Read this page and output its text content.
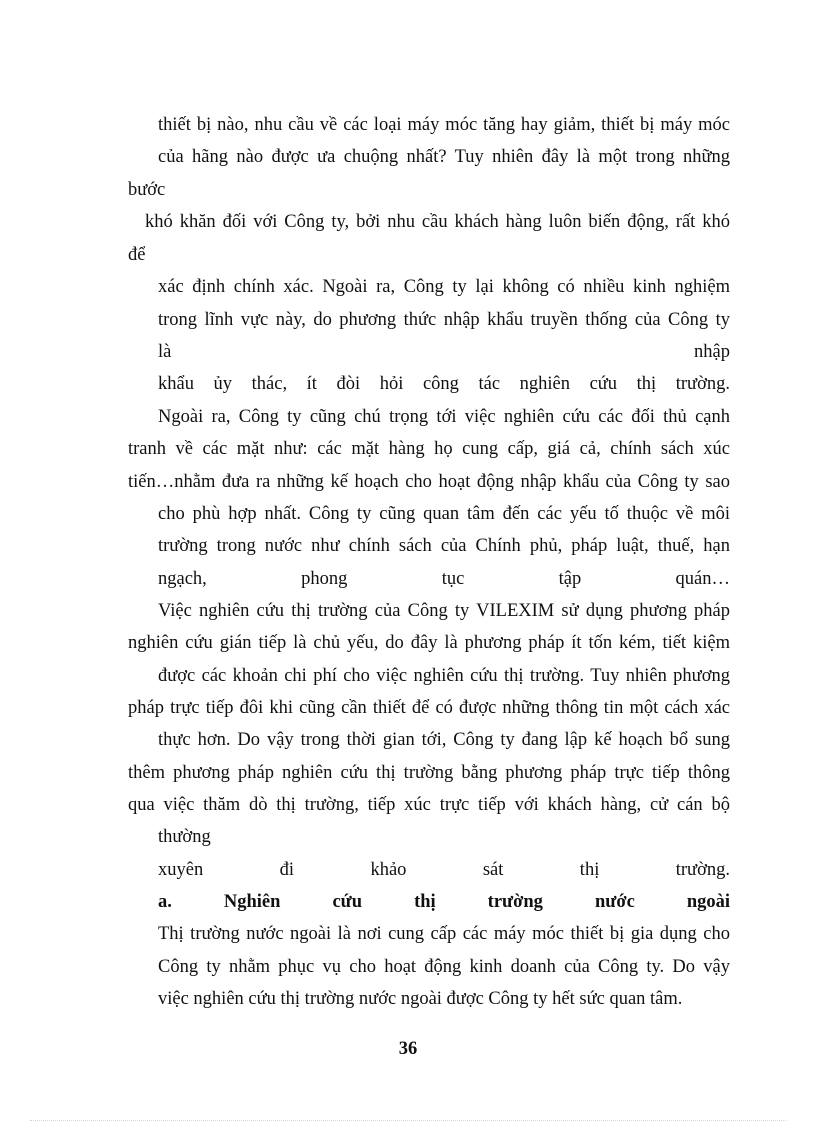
thiết bị nào, nhu cầu về các loại máy móc tăng hay giảm, thiết bị máy móc
của hãng nào được ưa chuộng nhất? Tuy nhiên đây là một trong những
bước
khó khăn đối với Công ty, bởi nhu cầu khách hàng luôn biến động, rất khó
để
xác định chính xác. Ngoài ra, Công ty lại không có nhiều kinh nghiệm
trong lĩnh vực này, do phương thức nhập khẩu truyền thống của Công ty
là nhập
khẩu ủy thác, ít đòi hỏi công tác nghiên cứu thị trường.
Ngoài ra, Công ty cũng chú trọng tới việc nghiên cứu các đối thủ cạnh
tranh về các mặt như: các mặt hàng họ cung cấp, giá cả, chính sách xúc
tiến…nhằm đưa ra những kế hoạch cho hoạt động nhập khẩu của Công ty sao
cho phù hợp nhất. Công ty cũng quan tâm đến các yếu tố thuộc về môi
trường trong nước như chính sách của Chính phủ, pháp luật, thuế, hạn
ngạch, phong tục tập quán…
Việc nghiên cứu thị trường của Công ty VILEXIM sử dụng phương pháp
nghiên cứu gián tiếp là chủ yếu, do đây là phương pháp ít tốn kém, tiết kiệm
được các khoản chi phí cho việc nghiên cứu thị trường. Tuy nhiên phương
pháp trực tiếp đôi khi cũng cần thiết để có được những thông tin một cách xác
thực hơn. Do vậy trong thời gian tới, Công ty đang lập kế hoạch bổ sung
thêm phương pháp nghiên cứu thị trường bằng phương pháp trực tiếp thông
qua việc thăm dò thị trường, tiếp xúc trực tiếp với khách hàng, cử cán bộ
thường
xuyên đi khảo sát thị trường.
a. Nghiên cứu thị trường nước ngoài
Thị trường nước ngoài là nơi cung cấp các máy móc thiết bị gia dụng cho
Công ty nhằm phục vụ cho hoạt động kinh doanh của Công ty. Do vậy
việc nghiên cứu thị trường nước ngoài được Công ty hết sức quan tâm.
36
